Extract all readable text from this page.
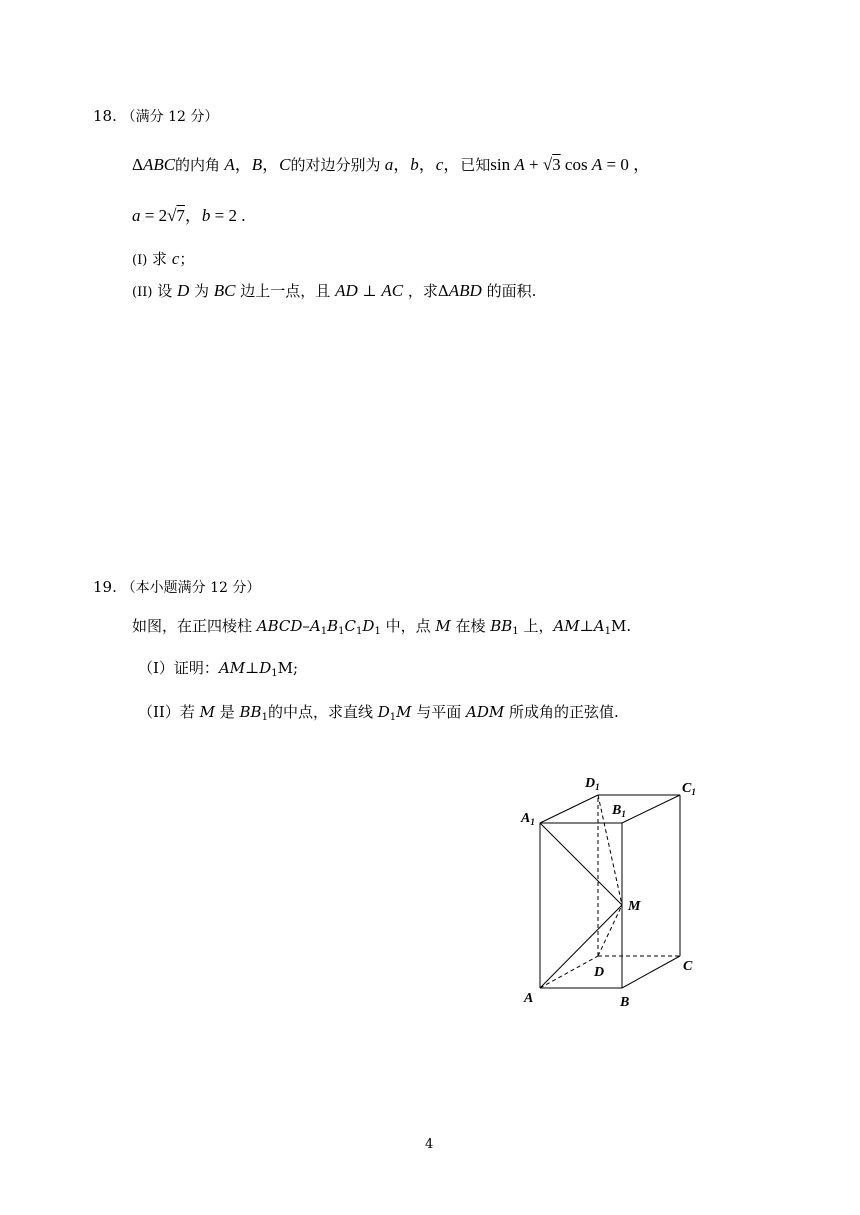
18. （满分 12 分）
ΔABC的内角 A，B，C的对边分别为 a，b，c，已知sin A + √3 cos A = 0 ，
a = 2√7，b = 2 .
(I) 求 c；
(II) 设 D 为 BC 边上一点，且 AD ⊥ AC ，求ΔABD 的面积.
19. （本小题满分 12 分）
如图，在正四棱柱 ABCD–$A_1B_1C_1D_1$ 中，点 M 在棱 $BB_1$ 上，$AM\perp A_1M$.
（I）证明：$AM\perp D_1M$;
（II）若 M 是 $BB_1$的中点，求直线 $D_1M$ 与平面 ADM 所成角的正弦值.
$D_1$	$C_1$
$B_1$
$A_1$
M
D	C
A	B
4
